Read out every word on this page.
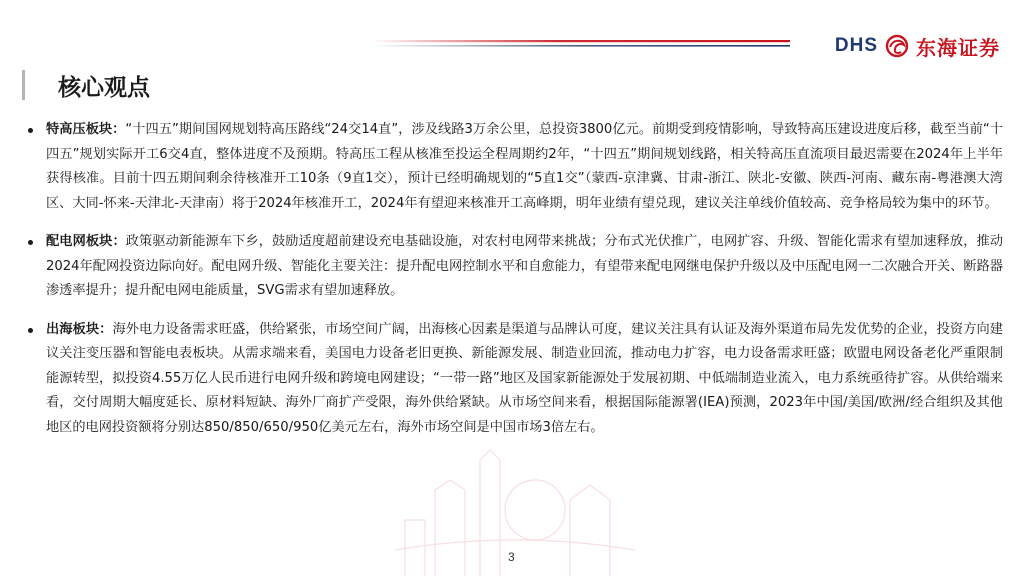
DHS 东海证券
核心观点
特高压板块：“十四五”期间国网规划特高压路线“24交14直”，涉及线路3万余公里，总投资3800亿元。前期受到疫情影响，导致特高压建设进度后移，截至当前“十四五”规划实际开工6交4直，整体进度不及预期。特高压工程从核准至投运全程周期约2年，“十四五”期间规划线路，相关特高压直流项目最迟需要在2024年上半年获得核准。目前十四五期间剩余待核准开工10条（9直1交），预计已经明确规划的“5直1交”（蒙西-京津冀、甘肃-浙江、陕北-安徽、陕西-河南、藏东南-粤港澳大湾区、大同-怀来-天津北-天津南）将于2024年核准开工，2024年有望迎来核准开工高峰期，明年业绩有望兑现，建议关注单线价值较高、竞争格局较为集中的环节。
配电网板块：政策驱动新能源车下乡，鼓励适度超前建设充电基础设施，对农村电网带来挑战；分布式光伏推广，电网扩容、升级、智能化需求有望加速释放，推动2024年配网投资边际向好。配电网升级、智能化主要关注：提升配电网控制水平和自愈能力，有望带来配电网继电保护升级以及中压配电网一二次融合开关、断路器渗透率提升；提升配电网电能质量，SVG需求有望加速释放。
出海板块：海外电力设备需求旺盛，供给紧张，市场空间广阔，出海核心因素是渠道与品牌认可度，建议关注具有认证及海外渠道布局先发优势的企业，投资方向建议关注变压器和智能电表板块。从需求端来看，美国电力设备老旧更换、新能源发展、制造业回流，推动电力扩容，电力设备需求旺盛；欧盟电网设备老化严重限制能源转型，拟投资4.55万亿人民币进行电网升级和跨境电网建设；“一带一路”地区及国家新能源处于发展初期、中低端制造业流入，电力系统亟待扩容。从供给端来看，交付周期大幅度延长、原材料短缺、海外厂商扩产受限，海外供给紧缺。从市场空间来看，根据国际能源署(IEA)预测，2023年中国/美国/欧洲/经合组织及其他地区的电网投资额将分别达850/850/650/950亿美元左右，海外市场空间是中国市场3倍左右。
3
